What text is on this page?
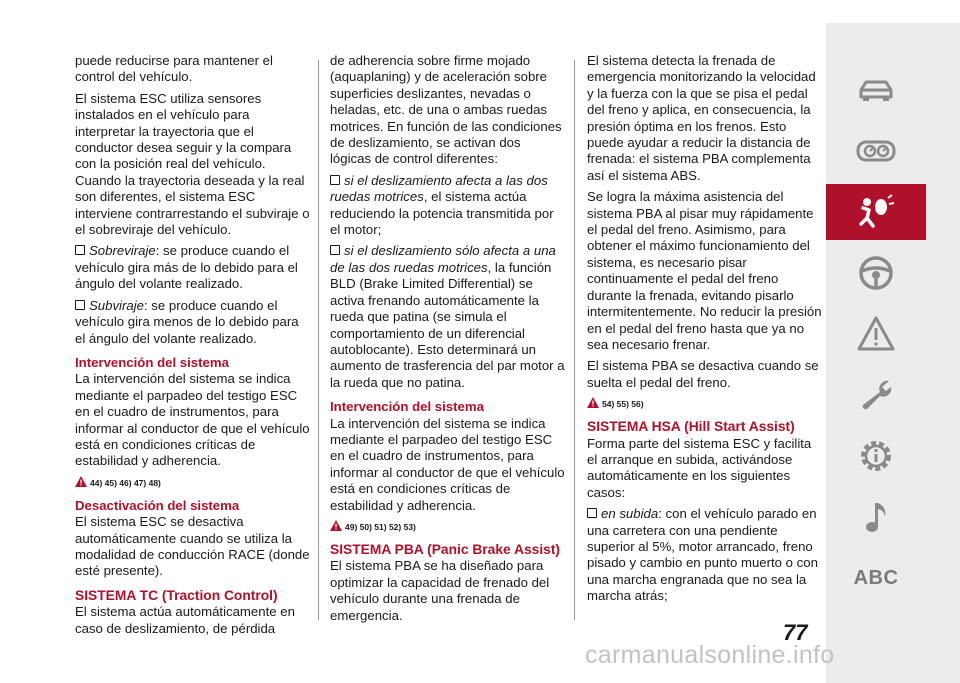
puede reducirse para mantener el control del vehículo.

El sistema ESC utiliza sensores instalados en el vehículo para interpretar la trayectoria que el conductor desea seguir y la compara con la posición real del vehículo. Cuando la trayectoria deseada y la real son diferentes, el sistema ESC interviene contrarrestando el subviraje o el sobreviraje del vehículo.

Sobreviraje: se produce cuando el vehículo gira más de lo debido para el ángulo del volante realizado.

Subviraje: se produce cuando el vehículo gira menos de lo debido para el ángulo del volante realizado.

Intervención del sistema

La intervención del sistema se indica mediante el parpadeo del testigo ESC en el cuadro de instrumentos, para informar al conductor de que el vehículo está en condiciones críticas de estabilidad y adherencia.

44) 45) 46) 47) 48)
Desactivación del sistema

El sistema ESC se desactiva automáticamente cuando se utiliza la modalidad de conducción RACE (donde esté presente).

SISTEMA TC (Traction Control)

El sistema actúa automáticamente en caso de deslizamiento, de pérdida

de adherencia sobre firme mojado (aquaplaning) y de aceleración sobre superficies deslizantes, nevadas o heladas, etc. de una o ambas ruedas motrices. En función de las condiciones de deslizamiento, se activan dos lógicas de control diferentes:

si el deslizamiento afecta a las dos ruedas motrices, el sistema actúa reduciendo la potencia transmitida por el motor;

si el deslizamiento sólo afecta a una de las dos ruedas motrices, la función BLD (Brake Limited Differential) se activa frenando automáticamente la rueda que patina (se simula el comportamiento de un diferencial autoblocante). Esto determinará un aumento de trasferencia del par motor a la rueda que no patina.

Intervención del sistema

La intervención del sistema se indica mediante el parpadeo del testigo ESC en el cuadro de instrumentos, para informar al conductor de que el vehículo está en condiciones críticas de estabilidad y adherencia.

49) 50) 51) 52) 53)
SISTEMA PBA (Panic Brake Assist)

El sistema PBA se ha diseñado para optimizar la capacidad de frenado del vehículo durante una frenada de emergencia.

El sistema detecta la frenada de emergencia monitorizando la velocidad y la fuerza con la que se pisa el pedal del freno y aplica, en consecuencia, la presión óptima en los frenos. Esto puede ayudar a reducir la distancia de frenada: el sistema PBA complementa así el sistema ABS.

Se logra la máxima asistencia del sistema PBA al pisar muy rápidamente el pedal del freno. Asimismo, para obtener el máximo funcionamiento del sistema, es necesario pisar continuamente el pedal del freno durante la frenada, evitando pisarlo intermitentemente. No reducir la presión en el pedal del freno hasta que ya no sea necesario frenar.

El sistema PBA se desactiva cuando se suelta el pedal del freno.

54) 55) 56)
SISTEMA HSA (Hill Start Assist)

Forma parte del sistema ESC y facilita el arranque en subida, activándose automáticamente en los siguientes casos:

en subida: con el vehículo parado en una carretera con una pendiente superior al 5%, motor arrancado, freno pisado y cambio en punto muerto o con una marcha engranada que no sea la marcha atrás;

ABC
77
carmanualsonline.info
